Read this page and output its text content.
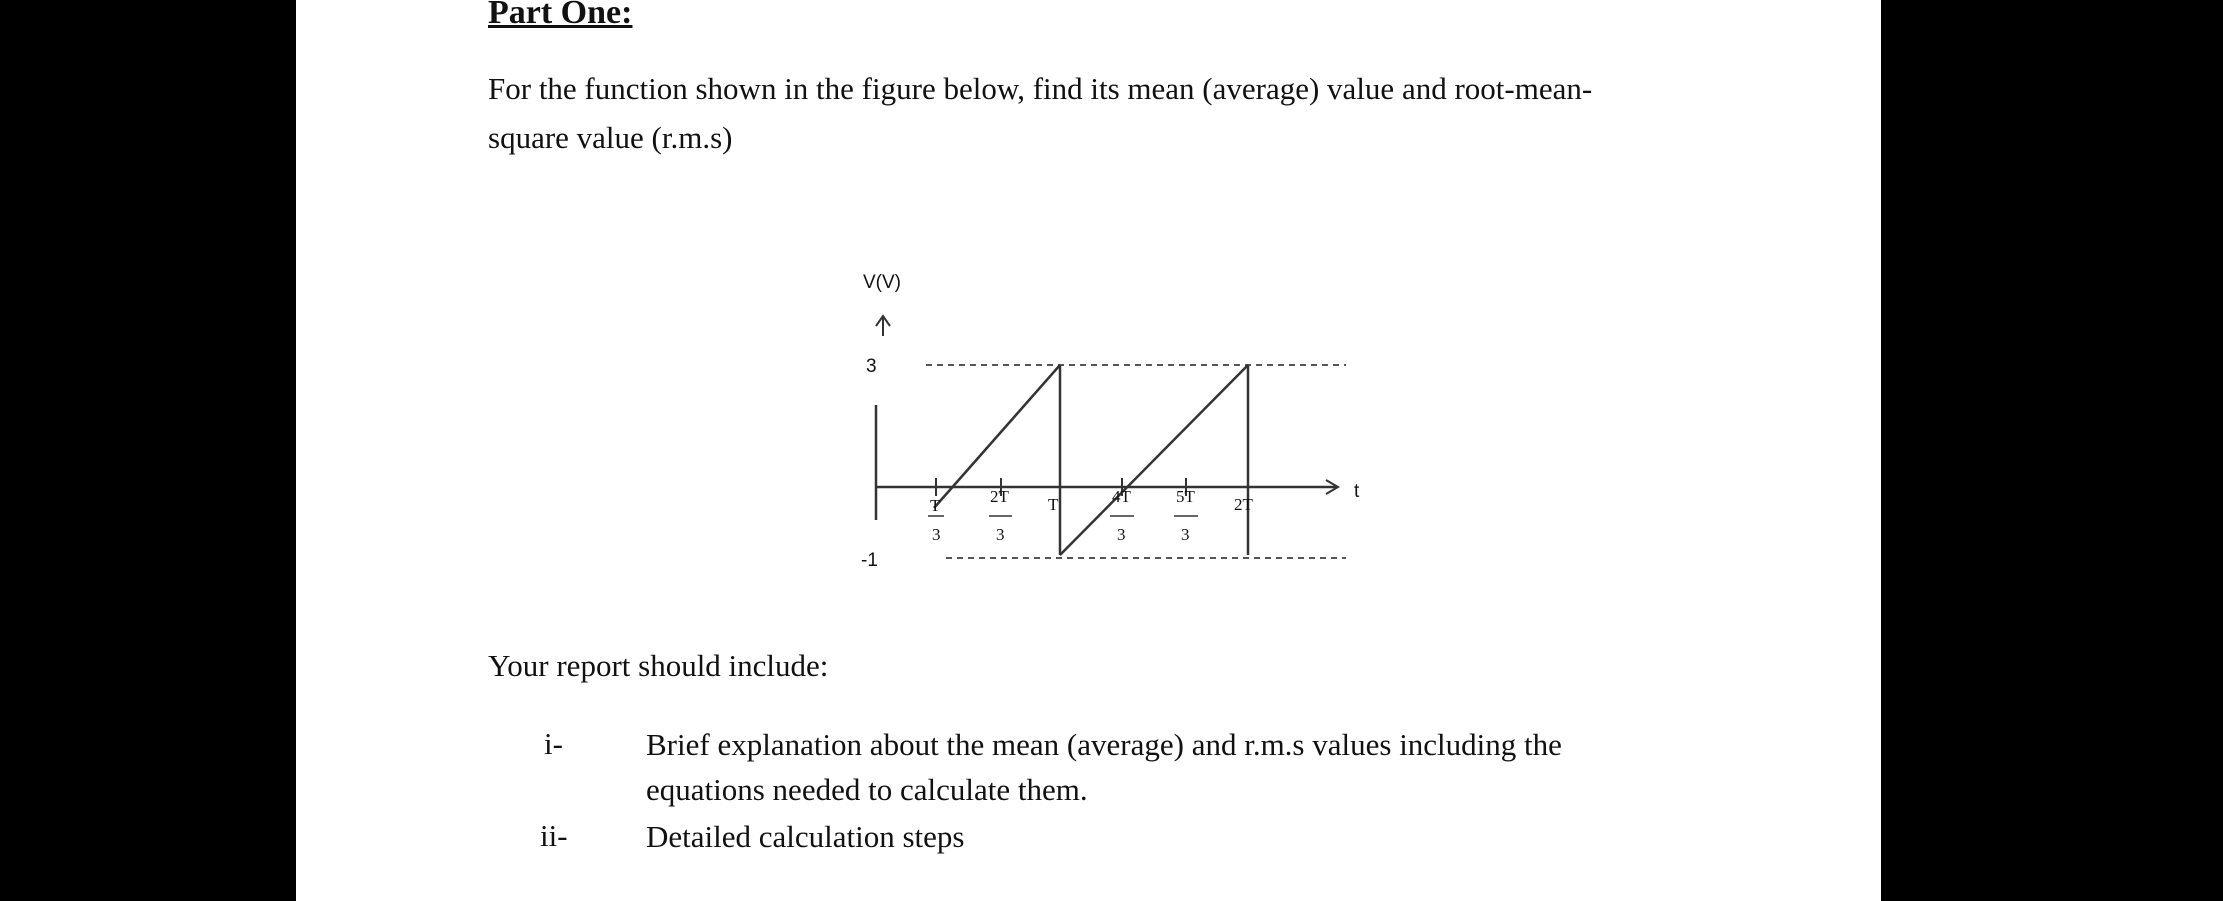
Part One:
For the function shown in the figure below, find its mean (average) value and root-mean-
square value (r.m.s)
V(V)
3
-1
t
T
3
2T
3
T	4T
3
5T
3
2T
Your report should include:
i-	Brief explanation about the mean (average) and r.m.s values including the
equations needed to calculate them.
ii-	Detailed calculation steps
